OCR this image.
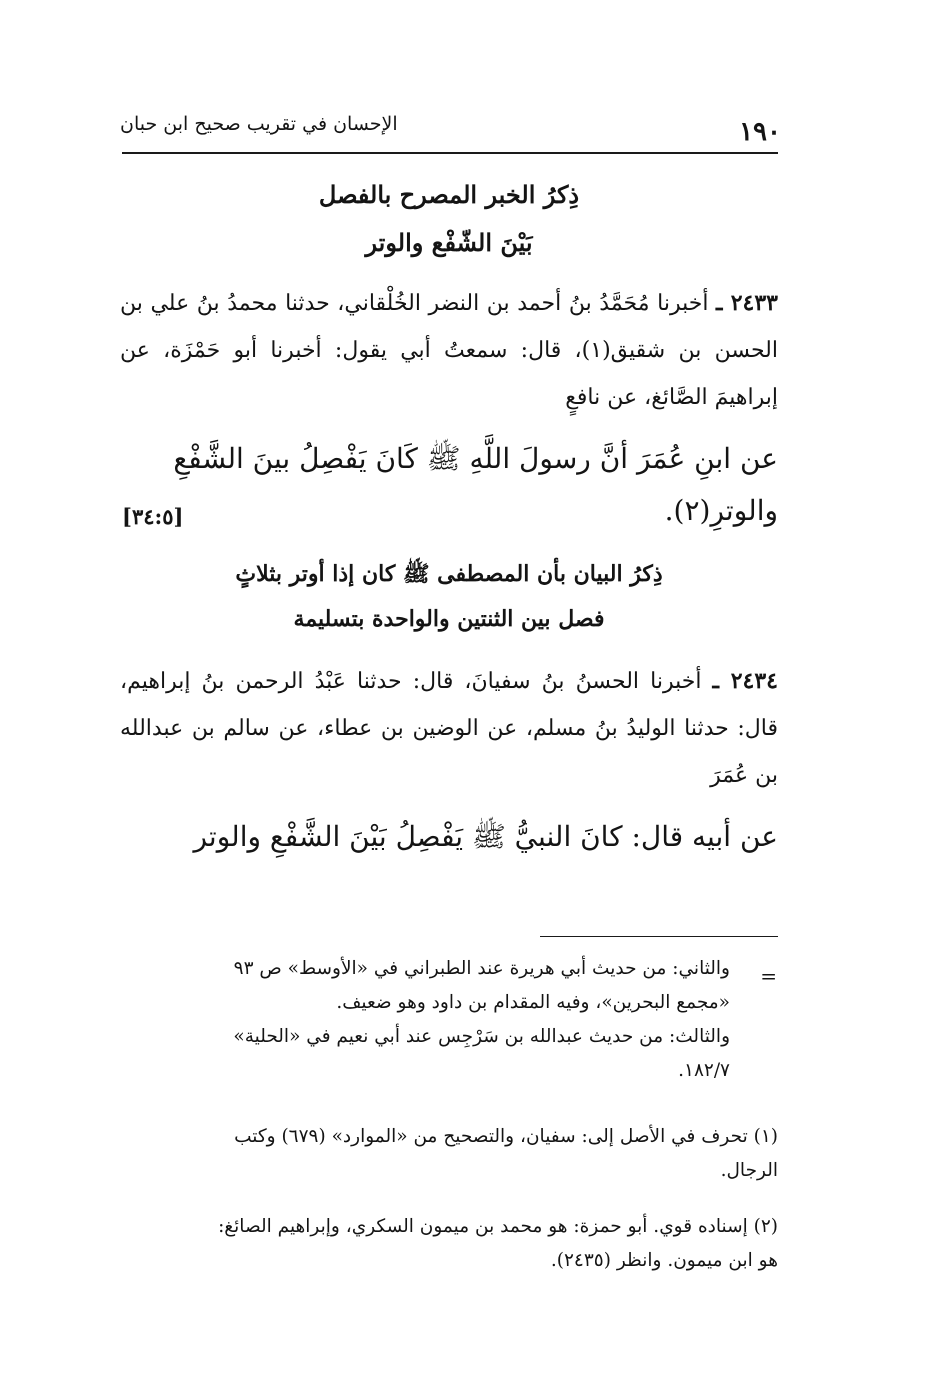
الإحسان في تقريب صحيح ابن حبان	١٩٠
ذِكرُ الخبر المصرح بالفصل
بَيْنَ الشّفْع والوتر
٢٤٣٣ ـ أخبرنا مُحَمَّدُ بنُ أحمد بن النضر الخُلْقاني، حدثنا محمدُ بنُ علي بن الحسن بن شقيق(١)، قال: سمعتُ أبي يقول: أخبرنا أبو حَمْزَة، عن إبراهيمَ الصَّائغ، عن نافعٍ
عن ابنِ عُمَرَ أنَّ رسولَ اللَّهِ ﷺ كَانَ يَفْصِلُ بينَ الشَّفْعِ
والوترِ(٢).
[٣٤:٥]
ذِكرُ البيان بأن المصطفى ﷺ كان إذا أوتر بثلاثٍ
فصل بين الثنتين والواحدة بتسليمة
٢٤٣٤ ـ أخبرنا الحسنُ بنُ سفيانَ، قال: حدثنا عَبْدُ الرحمن بنُ إبراهيم، قال: حدثنا الوليدُ بنُ مسلم، عن الوضين بن عطاء، عن سالم بن عبدالله بن عُمَرَ
عن أبيه قال: كانَ النبيُّ ﷺ يَفْصِلُ بَيْنَ الشَّفْعِ والوتر
=
والثاني: من حديث أبي هريرة عند الطبراني في «الأوسط» ص ٩٣
«مجمع البحرين»، وفيه المقدام بن داود وهو ضعيف.
والثالث: من حديث عبدالله بن سَرْجِس عند أبي نعيم في «الحلية»
١٨٢/٧.
(١) تحرف في الأصل إلى: سفيان، والتصحيح من «الموارد» (٦٧٩) وكتب
الرجال.
(٢) إسناده قوي. أبو حمزة: هو محمد بن ميمون السكري، وإبراهيم الصائغ:
هو ابن ميمون. وانظر (٢٤٣٥).
